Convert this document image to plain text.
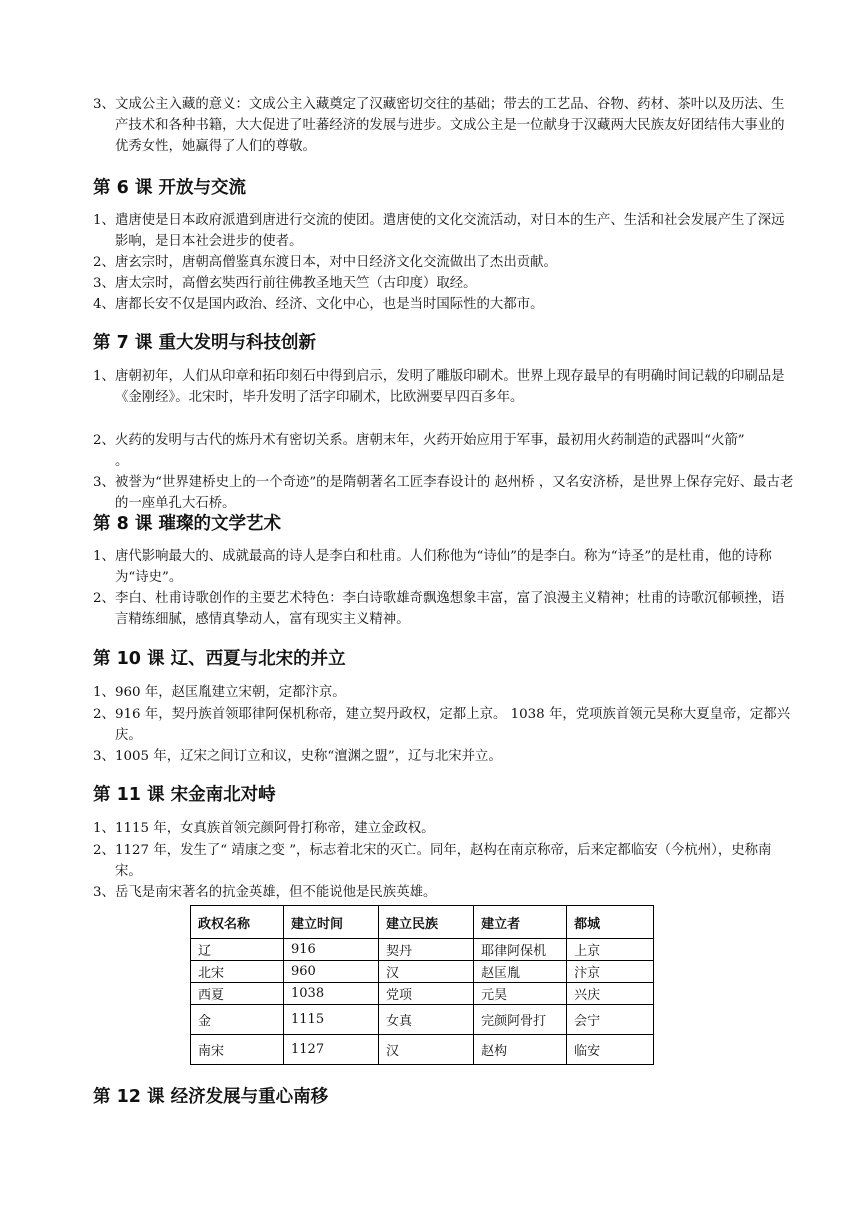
3、文成公主入藏的意义：文成公主入藏奠定了汉藏密切交往的基础；带去的工艺品、谷物、药材、茶叶以及历法、生产技术和各种书籍，大大促进了吐蕃经济的发展与进步。文成公主是一位献身于汉藏两大民族友好团结伟大事业的优秀女性，她赢得了人们的尊敬。
第 6 课 开放与交流
1、遣唐使是日本政府派遣到唐进行交流的使团。遣唐使的文化交流活动，对日本的生产、生活和社会发展产生了深远影响，是日本社会进步的使者。
2、唐玄宗时，唐朝高僧鉴真东渡日本，对中日经济文化交流做出了杰出贡献。
3、唐太宗时，高僧玄奘西行前往佛教圣地天竺（古印度）取经。
4、唐都长安不仅是国内政治、经济、文化中心，也是当时国际性的大都市。
第 7 课 重大发明与科技创新
1、唐朝初年，人们从印章和拓印刻石中得到启示，发明了雕版印刷术。世界上现存最早的有明确时间记载的印刷品是《金刚经》。北宋时，毕升发明了活字印刷术，比欧洲要早四百多年。
2、火药的发明与古代的炼丹术有密切关系。唐朝末年，火药开始应用于军事，最初用火药制造的武器叫“火箭”　　　　　　。
3、被誉为“世界建桥史上的一个奇迹”的是隋朝著名工匠李春设计的 赵州桥 ，又名安济桥，是世界上保存完好、最古老的一座单孔大石桥。
第 8 课 璀璨的文学艺术
1、唐代影响最大的、成就最高的诗人是李白和杜甫。人们称他为“诗仙”的是李白。称为“诗圣”的是杜甫，他的诗称为“诗史”。
2、李白、杜甫诗歌创作的主要艺术特色：李白诗歌雄奇飘逸想象丰富，富了浪漫主义精神；杜甫的诗歌沉郁顿挫，语言精练细腻，感情真挚动人，富有现实主义精神。
第 10 课 辽、西夏与北宋的并立
1、960 年，赵匡胤建立宋朝，定都汴京。
2、916 年，契丹族首领耶律阿保机称帝，建立契丹政权，定都上京。 1038 年，党项族首领元昊称大夏皇帝，定都兴庆。
3、1005 年，辽宋之间订立和议，史称“澶渊之盟”，辽与北宋并立。
第 11 课 宋金南北对峙
1、1115 年，女真族首领完颜阿骨打称帝，建立金政权。
2、1127 年，发生了“ 靖康之变 ”，标志着北宋的灭亡。同年，赵构在南京称帝，后来定都临安（今杭州），史称南宋。
3、岳飞是南宋著名的抗金英雄，但不能说他是民族英雄。
政权名称	建立时间	建立民族	建立者	都城
辽	916	契丹	耶律阿保机	上京
北宋	960	汉	赵匡胤	汴京
西夏	1038	党项	元昊	兴庆
金	1115	女真	完颜阿骨打	会宁
南宋	1127	汉	赵构	临安
第 12 课 经济发展与重心南移
